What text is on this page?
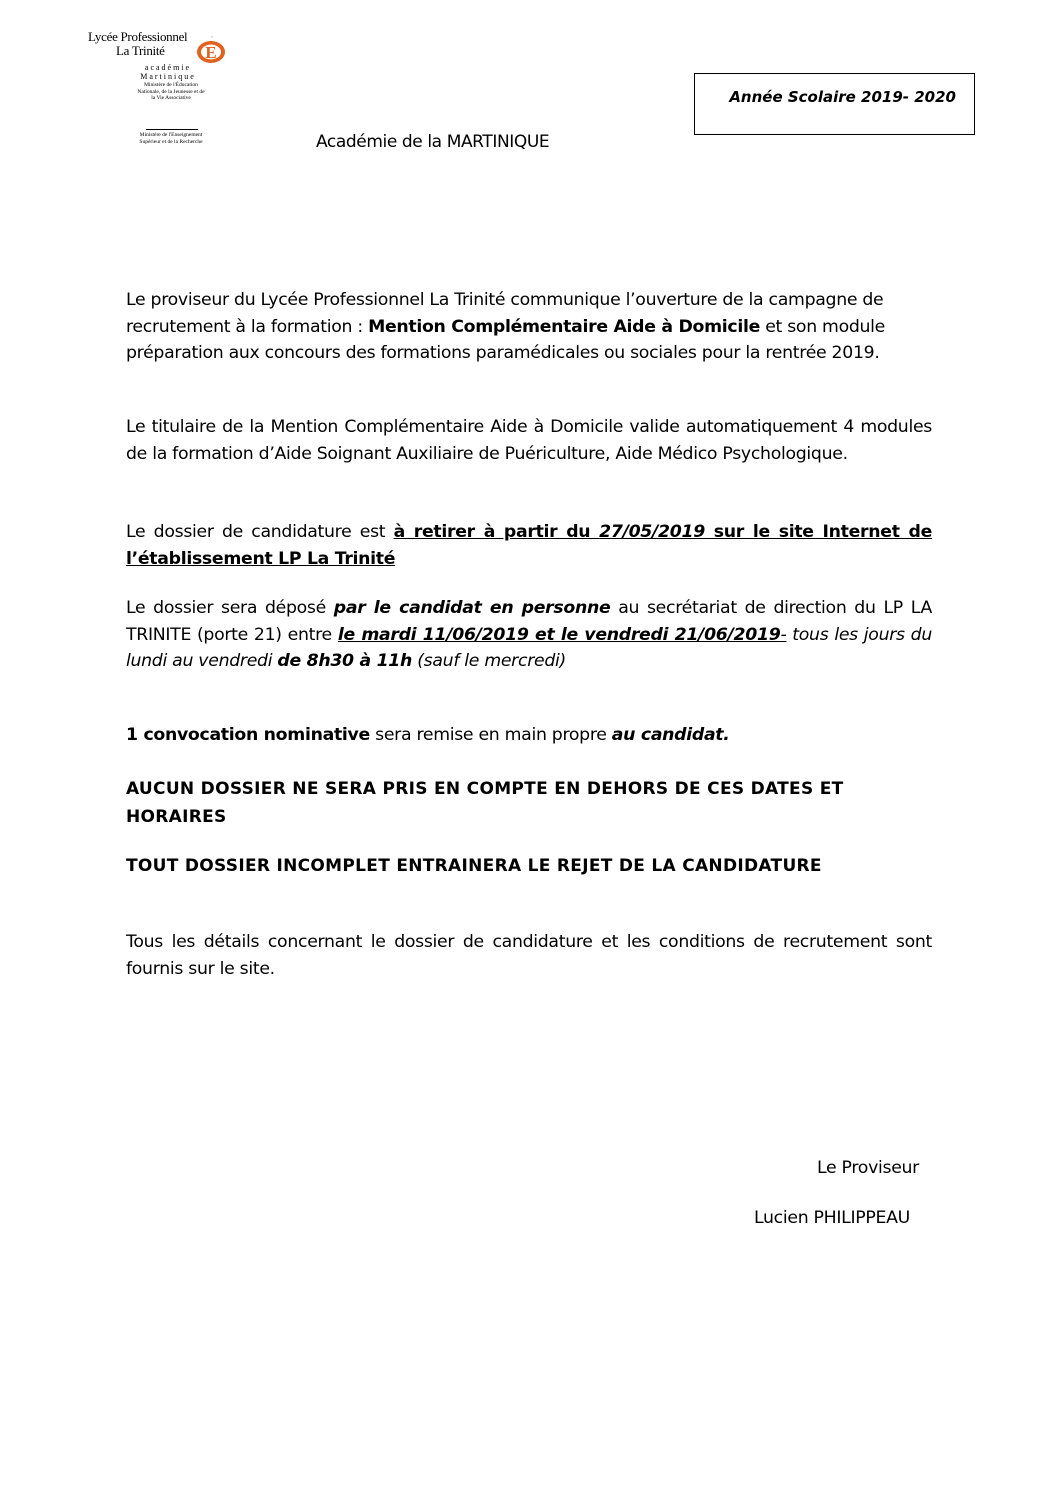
Lycée Professionnel
La Trinité	E
´
académie
Martinique
Ministère de l'Éducation Nationale, de la Jeunesse et de la Vie Associative
Ministère de l'Enseignement Supérieur et de la Recherche
Année Scolaire 2019- 2020
Académie de la MARTINIQUE
Le proviseur du Lycée Professionnel La Trinité communique l’ouverture de la campagne de recrutement à la formation : Mention Complémentaire Aide à Domicile et son module préparation aux concours des formations paramédicales ou sociales pour la rentrée 2019.
Le titulaire de la Mention Complémentaire Aide à Domicile valide automatiquement 4 modules de la formation d’Aide Soignant Auxiliaire de Puériculture, Aide Médico Psychologique.
Le dossier de candidature est à retirer à partir du 27/05/2019 sur le site Internet de l’établissement LP La Trinité
Le dossier sera déposé par le candidat en personne au secrétariat de direction du LP LA TRINITE (porte 21) entre le mardi 11/06/2019 et le vendredi 21/06/2019- tous les jours du lundi au vendredi de 8h30 à 11h (sauf le mercredi)
1 convocation nominative sera remise en main propre au candidat.
AUCUN DOSSIER NE SERA PRIS EN COMPTE EN DEHORS DE CES DATES ET HORAIRES
TOUT DOSSIER INCOMPLET ENTRAINERA LE REJET DE LA CANDIDATURE
Tous les détails concernant le dossier de candidature et les conditions de recrutement sont fournis sur le site.
Le Proviseur
Lucien PHILIPPEAU
